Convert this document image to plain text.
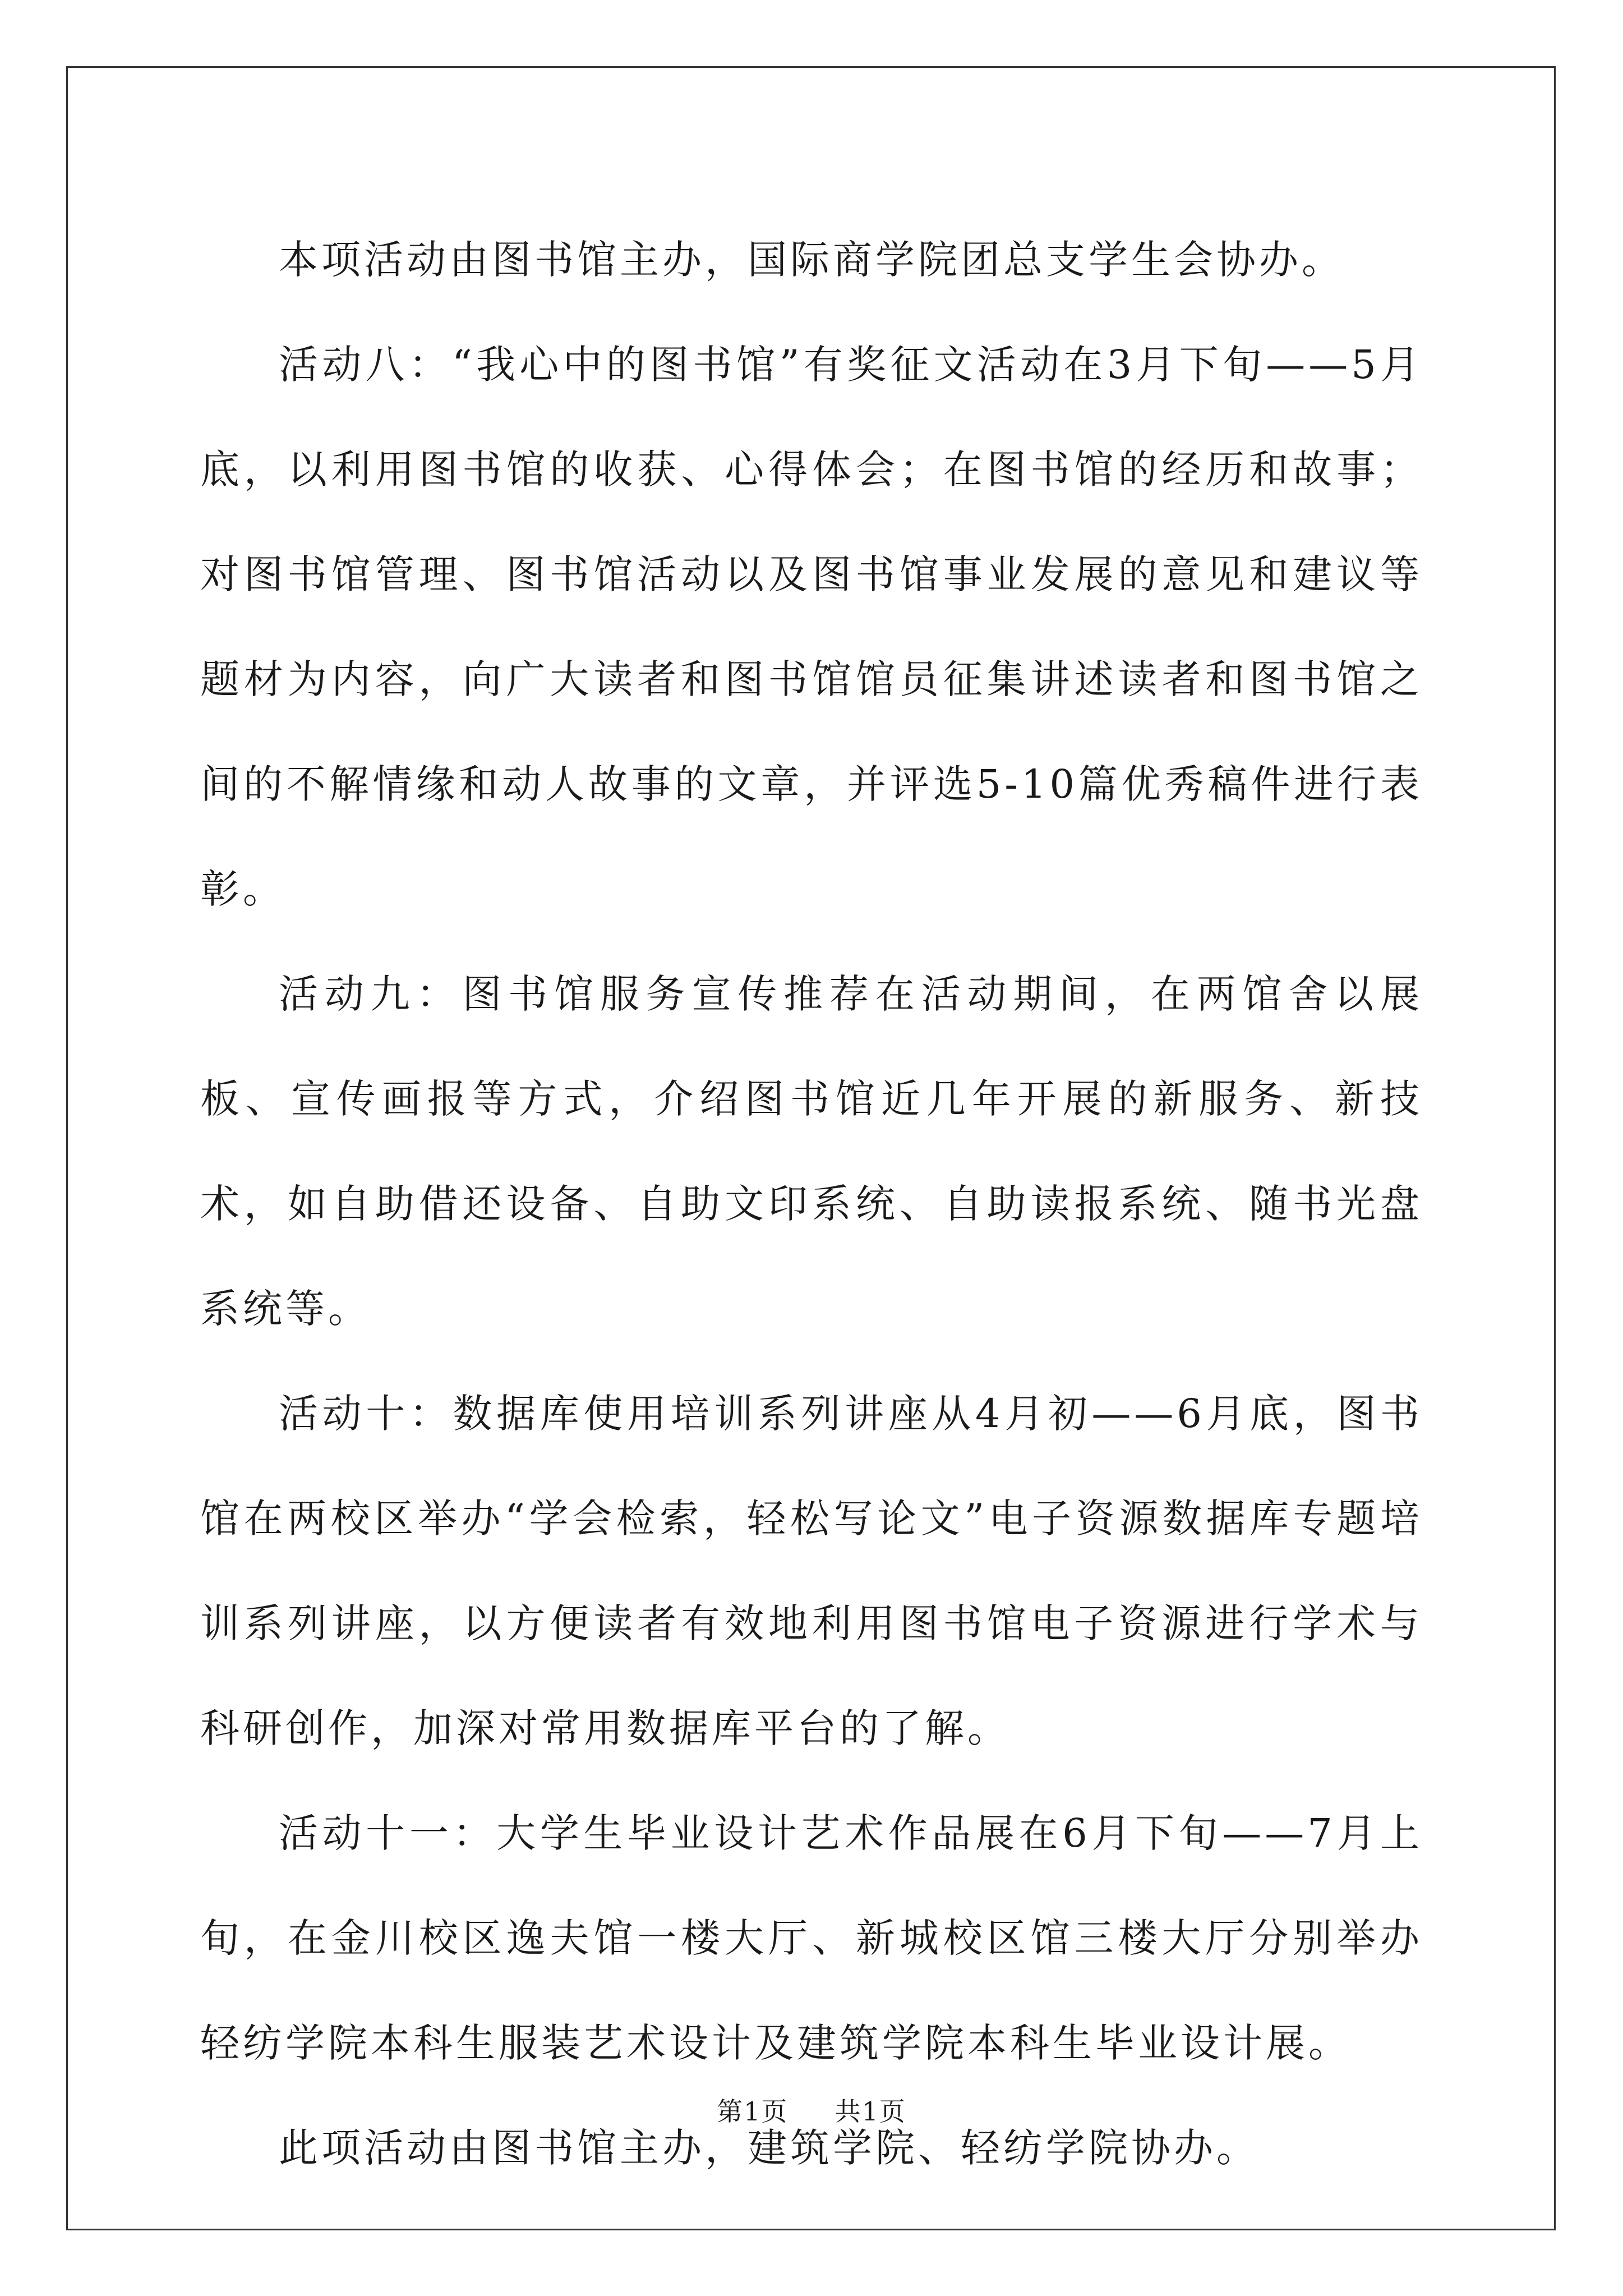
本项活动由图书馆主办，国际商学院团总支学生会协办。

活动八：“我心中的图书馆”有奖征文活动在3月下旬——5月底，以利用图书馆的收获、心得体会；在图书馆的经历和故事；对图书馆管理、图书馆活动以及图书馆事业发展的意见和建议等题材为内容，向广大读者和图书馆馆员征集讲述读者和图书馆之间的不解情缘和动人故事的文章，并评选5-10篇优秀稿件进行表彰。

活动九：图书馆服务宣传推荐在活动期间，在两馆舍以展板、宣传画报等方式，介绍图书馆近几年开展的新服务、新技术，如自助借还设备、自助文印系统、自助读报系统、随书光盘系统等。

活动十：数据库使用培训系列讲座从4月初——6月底，图书馆在两校区举办“学会检索，轻松写论文”电子资源数据库专题培训系列讲座，以方便读者有效地利用图书馆电子资源进行学术与科研创作，加深对常用数据库平台的了解。

活动十一：大学生毕业设计艺术作品展在6月下旬——7月上旬，在金川校区逸夫馆一楼大厅、新城校区馆三楼大厅分别举办轻纺学院本科生服装艺术设计及建筑学院本科生毕业设计展。

此项活动由图书馆主办，建筑学院、轻纺学院协办。

第1页 共1页
